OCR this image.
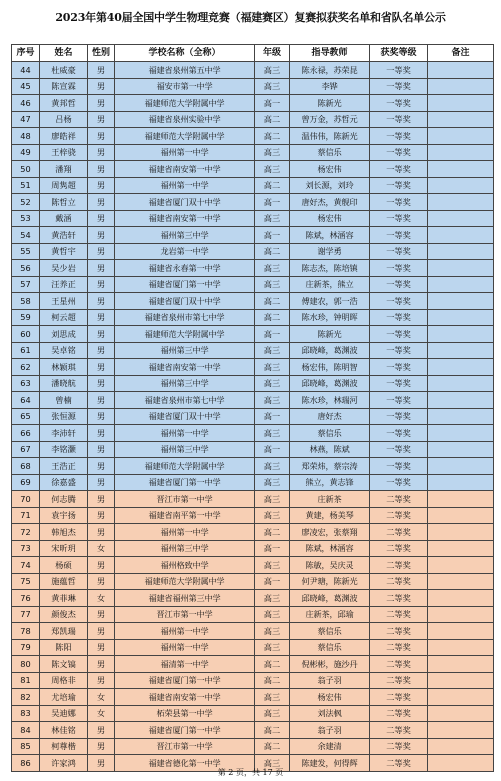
2023年第40届全国中学生物理竞赛（福建赛区）复赛拟获奖名单和省队名单公示
序号	姓名	性别	学校名称（全称）	年级	指导教师	获奖等级	备注
44	杜威豪	男	福建省泉州第五中学	高三	陈永禄，苏荣昆	一等奖	
45	陈宣霖	男	福安市第一中学	高三	李铧	一等奖	
46	黄邦哲	男	福建师范大学附属中学	高一	陈新光	一等奖	
47	吕杨	男	福建省泉州实验中学	高二	曾万金，苏哲元	一等奖	
48	廖皓祥	男	福建师范大学附属中学	高二	温伟伟，陈新光	一等奖	
49	王梓骁	男	福州第一中学	高三	蔡信乐	一等奖	
50	潘翔	男	福建省南安第一中学	高三	杨宏伟	一等奖	
51	周隽超	男	福州第一中学	高二	刘长源，刘玲	一等奖	
52	陈哲立	男	福建省厦门双十中学	高一	唐好杰，黄舰印	一等奖	
53	戴涵	男	福建省南安第一中学	高三	杨宏伟	一等奖	
54	黄浩轩	男	福州第三中学	高一	陈斌，林涵容	一等奖	
55	黄哲宇	男	龙岩第一中学	高二	谢学勇	一等奖	
56	吴少岩	男	福建省永春第一中学	高三	陈志杰，陈培镇	一等奖	
57	汪养正	男	福建省厦门第一中学	高三	庄新茶，熊立	一等奖	
58	王星州	男	福建省厦门双十中学	高二	傅建农，郭一浩	一等奖	
59	柯云超	男	福建省泉州市第七中学	高二	陈水珍，钟明晖	一等奖	
60	刘思成	男	福建师范大学附属中学	高一	陈新光	一等奖	
61	吴卓铭	男	福州第三中学	高三	邱晓峰，葛渊波	一等奖	
62	林颖琪	男	福建省南安第一中学	高三	杨宏伟，陈明智	一等奖	
63	潘晓航	男	福州第三中学	高三	邱晓峰，葛渊波	一等奖	
64	曾楠	男	福建省泉州市第七中学	高三	陈水珍，林瑞河	一等奖	
65	张恒源	男	福建省厦门双十中学	高一	唐好杰	一等奖	
66	李沛轩	男	福州第一中学	高三	蔡信乐	一等奖	
67	李铭灏	男	福州第三中学	高一	林燕，陈斌	一等奖	
68	王浩正	男	福建师范大学附属中学	高三	郑荣炜，蔡宗涛	一等奖	
69	徐嘉盛	男	福建省厦门第一中学	高三	熊立，黄志锋	一等奖	
70	何志腾	男	晋江市第一中学	高三	庄新茶	二等奖	
71	袁宇扬	男	福建省南平第一中学	高三	黄建，杨美琴	二等奖	
72	韩旭杰	男	福州第一中学	高二	廖凌宏，张蔡翔	二等奖	
73	宋昕玥	女	福州第三中学	高一	陈斌，林涵容	二等奖	
74	杨硕	男	福州格致中学	高三	陈敏，吴庆灵	二等奖	
75	施蕴哲	男	福建师范大学附属中学	高一	何尹瑭，陈新光	二等奖	
76	黄菲琳	女	福建省福州第三中学	高三	邱晓峰，葛渊波	二等奖	
77	颜俊杰	男	晋江市第一中学	高三	庄新茶，邱瑜	二等奖	
78	郑凯瑞	男	福州第一中学	高三	蔡信乐	二等奖	
79	陈阳	男	福州第一中学	高三	蔡信乐	二等奖	
80	陈文镐	男	福清第一中学	高二	倪彬彬，施沙丹	二等奖	
81	周格非	男	福建省厦门第一中学	高二	翁子羽	二等奖	
82	尤培瑜	女	福建省南安第一中学	高三	杨宏伟	二等奖	
83	吴迪娜	女	柘荣县第一中学	高三	刘法枫	二等奖	
84	林佳铭	男	福建省厦门第一中学	高二	翁子羽	二等奖	
85	柯尊楷	男	晋江市第一中学	高二	余建清	二等奖	
86	许家鸿	男	福建省德化第一中学	高三	陈建发，何得辉	二等奖	
第 2 页，共 17 页
